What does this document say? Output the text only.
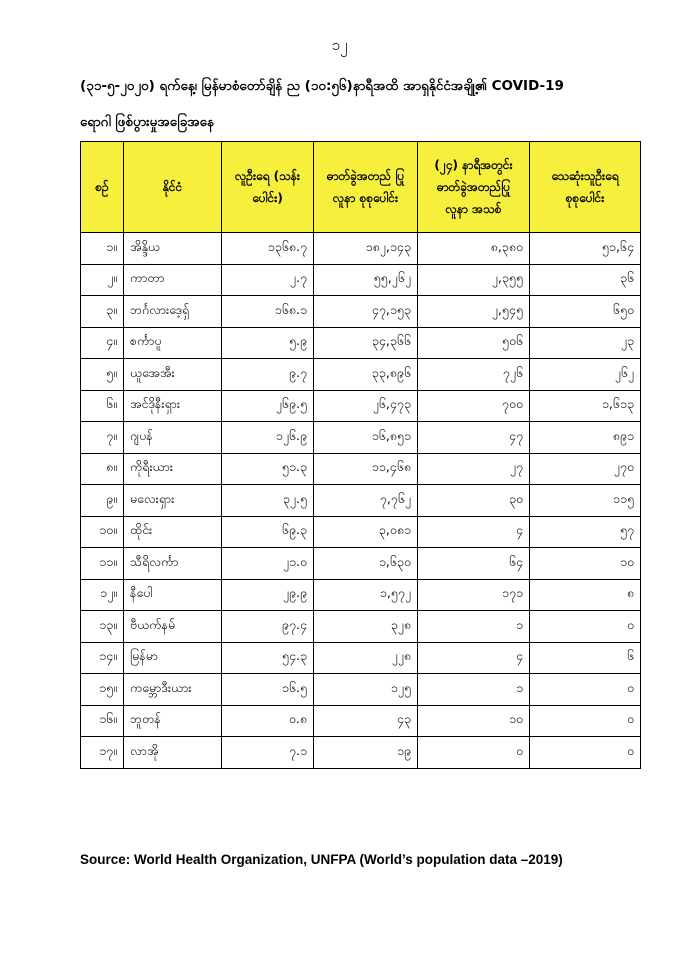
၁၂
(၃၁-၅-၂၀၂၀) ရက်နေ့၊ မြန်မာစံတော်ချိန် ည (၁၀:၅၆)နာရီအထိ အာရှနိုင်ငံအချို့၏ COVID-19
ရောဂါ ဖြစ်ပွားမှုအခြေအနေ
စဉ်	နိုင်ငံ	လူဦးရေ (သန်းပေါင်း)	ဓာတ်ခွဲအတည် ပြု လူနာ စုစုပေါင်း	(၂၄) နာရီအတွင်း ဓာတ်ခွဲအတည်ပြု လူနာ အသစ်	သေဆုံးသူဦးရေ စုစုပေါင်း
၁။	အိန္ဒိယ	၁၃၆၈.၇	၁၈၂,၁၄၃	၈,၃၈၀	၅၁,၆၄
၂။	ကာတာ	၂.၇	၅၅,၂၆၂	၂,၃၅၅	၃၆
၃။	ဘင်္ဂလားဒေ့ရှ်	၁၆၈.၁	၄၇,၁၅၃	၂,၅၄၅	၆၅၀
၄။	စင်္ကာပူ	၅.၉	၃၄,၃၆၆	၅၀၆	၂၃
၅။	ယူအေအီး	၉.၇	၃၃,၈၉၆	၇၂၆	၂၆၂
၆။	အင်ဒိုနီးရှား	၂၆၉.၅	၂၆,၄၇၃	၇၀၀	၁,၆၁၃
၇။	ဂျပန်	၁၂၆.၉	၁၆,၈၅၁	၄၇	၈၉၁
၈။	ကိုရီးယား	၅၁.၃	၁၁,၄၆၈	၂၇	၂၇၀
၉။	မလေးရှား	၃၂.၅	၇,၇၆၂	၃၀	၁၁၅
၁၀။	ထိုင်း	၆၉.၃	၃,၀၈၁	၄	၅၇
၁၁။	သီရိလင်္ကာ	၂၁.၀	၁,၆၃၀	၆၄	၁၀
၁၂။	နီပေါ	၂၉.၉	၁,၅၇၂	၁၇၁	၈
၁၃။	ဗီယက်နမ်	၉၇.၄	၃၂၈	၁	၀
၁၄။	မြန်မာ	၅၄.၃	၂၂၈	၄	၆
၁၅။	ကမ္ဘောဒီးယား	၁၆.၅	၁၂၅	၁	၀
၁၆။	ဘူတန်	၀.၈	၄၃	၁၀	၀
၁၇။	လာအို	၇.၁	၁၉	၀	၀
Source: World Health Organization, UNFPA (World’s population data –2019)
